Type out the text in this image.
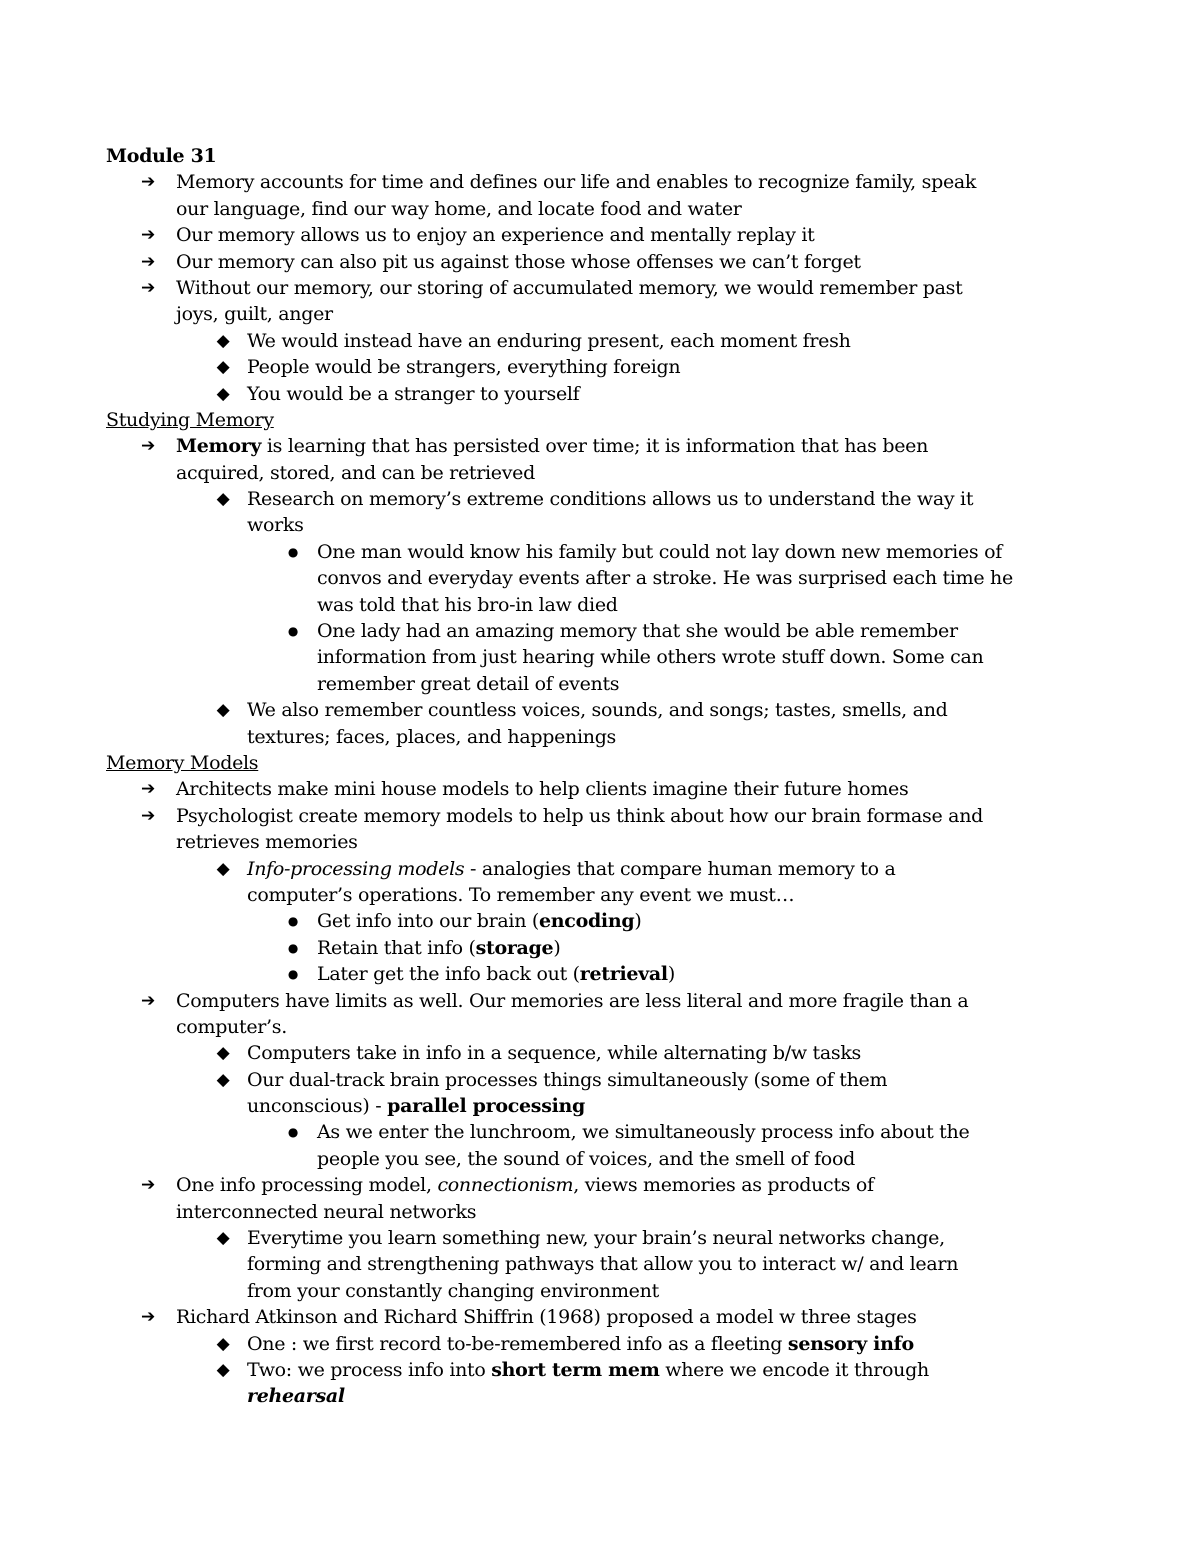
Module 31
➔ Memory accounts for time and defines our life and enables to recognize family, speak
our language, find our way home, and locate food and water
➔ Our memory allows us to enjoy an experience and mentally replay it
➔ Our memory can also pit us against those whose offenses we can’t forget
➔ Without our memory, our storing of accumulated memory, we would remember past
joys, guilt, anger
◆ We would instead have an enduring present, each moment fresh
◆ People would be strangers, everything foreign
◆ You would be a stranger to yourself
Studying Memory
➔ Memory is learning that has persisted over time; it is information that has been
acquired, stored, and can be retrieved
◆ Research on memory’s extreme conditions allows us to understand the way it
works
● One man would know his family but could not lay down new memories of
convos and everyday events after a stroke. He was surprised each time he
was told that his bro-in law died
● One lady had an amazing memory that she would be able remember
information from just hearing while others wrote stuff down. Some can
remember great detail of events
◆ We also remember countless voices, sounds, and songs; tastes, smells, and
textures; faces, places, and happenings
Memory Models
➔ Architects make mini house models to help clients imagine their future homes
➔ Psychologist create memory models to help us think about how our brain formase and
retrieves memories
◆ Info-processing models - analogies that compare human memory to a
computer’s operations. To remember any event we must…
● Get info into our brain (encoding)
● Retain that info (storage)
● Later get the info back out (retrieval)
➔ Computers have limits as well. Our memories are less literal and more fragile than a
computer’s.
◆ Computers take in info in a sequence, while alternating b/w tasks
◆ Our dual-track brain processes things simultaneously (some of them
unconscious) - parallel processing
● As we enter the lunchroom, we simultaneously process info about the
people you see, the sound of voices, and the smell of food
➔ One info processing model, connectionism, views memories as products of
interconnected neural networks
◆ Everytime you learn something new, your brain’s neural networks change,
forming and strengthening pathways that allow you to interact w/ and learn
from your constantly changing environment
➔ Richard Atkinson and Richard Shiffrin (1968) proposed a model w three stages
◆ One : we first record to-be-remembered info as a fleeting sensory info
◆ Two: we process info into short term mem where we encode it through
rehearsal
